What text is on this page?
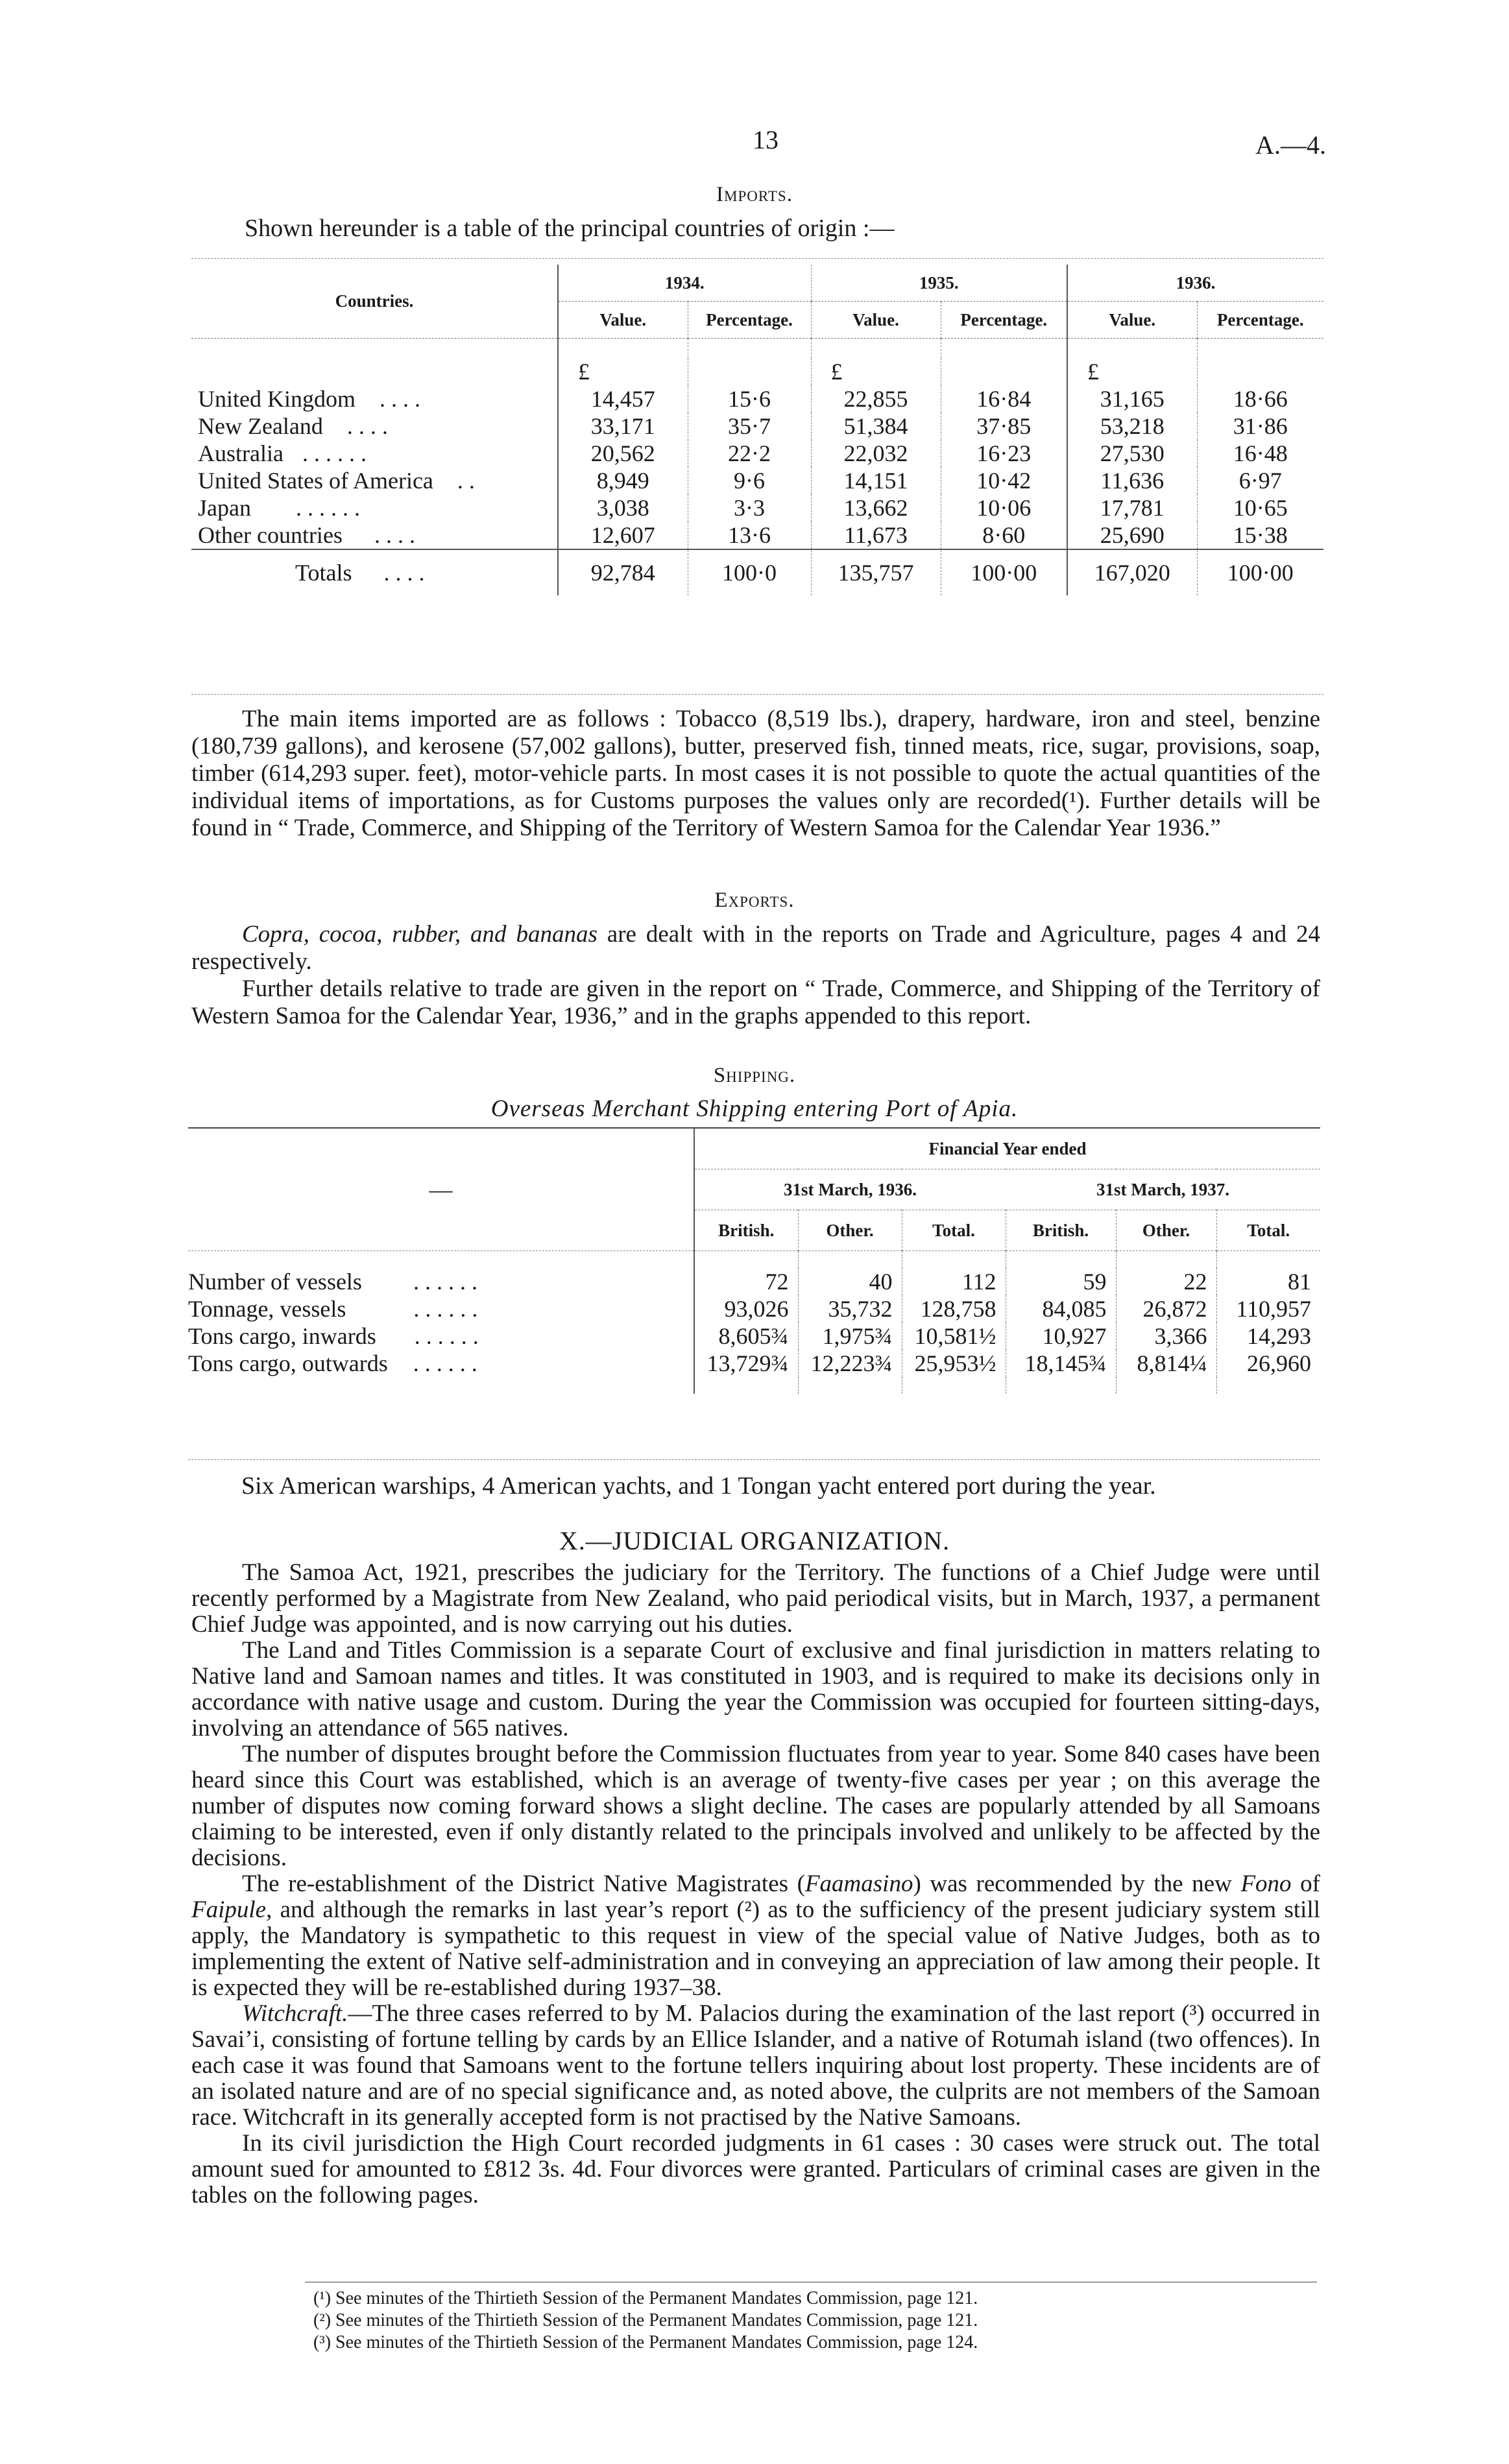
13	A.—4.
Imports.
Shown hereunder is a table of the principal countries of origin :—
Countries.	1934.		1935.		1936.	
	Value.	Percentage.	Value.	Percentage.	Value.	Percentage.

	£		£		£	
United Kingdom . . . .	14,457	15·6	22,855	16·84	31,165	18·66
New Zealand . . . .	33,171	35·7	51,384	37·85	53,218	31·86
Australia . . . . . .	20,562	22·2	22,032	16·23	27,530	16·48
United States of America . .	8,949	9·6	14,151	10·42	11,636	6·97
Japan . . . . . .	3,038	3·3	13,662	10·06	17,781	10·65
Other countries . . . .	12,607	13·6	11,673	8·60	25,690	15·38
Totals . . . .	92,784	100·0	135,757	100·00	167,020	100·00

The main items imported are as follows : Tobacco (8,519 lbs.), drapery, hardware, iron and steel, benzine (180,739 gallons), and kerosene (57,002 gallons), butter, preserved fish, tinned meats, rice, sugar, provisions, soap, timber (614,293 super. feet), motor-vehicle parts. In most cases it is not possible to quote the actual quantities of the individual items of importations, as for Customs purposes the values only are recorded(¹). Further details will be found in “ Trade, Commerce, and Shipping of the Territory of Western Samoa for the Calendar Year 1936.”

Exports.

Copra, cocoa, rubber, and bananas are dealt with in the reports on Trade and Agriculture, pages 4 and 24 respectively.

Further details relative to trade are given in the report on “ Trade, Commerce, and Shipping of the Territory of Western Samoa for the Calendar Year, 1936,” and in the graphs appended to this report.

Shipping.
Overseas Merchant Shipping entering Port of Apia.
—	Financial Year ended					
	31st March, 1936.			31st March, 1937.		
	British.	Other.	Total.	British.	Other.	Total.

Number of vessels . . . . . .	72	40	112	59	22	81
Tonnage, vessels . . . . . .	93,026	35,732	128,758	84,085	26,872	110,957
Tons cargo, inwards . . . . . .	8,605¾	1,975¾	10,581½	10,927	3,366	14,293
Tons cargo, outwards . . . . . .	13,729¾	12,223¾	25,953½	18,145¾	8,814¼	26,960

Six American warships, 4 American yachts, and 1 Tongan yacht entered port during the year.

X.—JUDICIAL ORGANIZATION.

The Samoa Act, 1921, prescribes the judiciary for the Territory. The functions of a Chief Judge were until recently performed by a Magistrate from New Zealand, who paid periodical visits, but in March, 1937, a permanent Chief Judge was appointed, and is now carrying out his duties.

The Land and Titles Commission is a separate Court of exclusive and final jurisdiction in matters relating to Native land and Samoan names and titles. It was constituted in 1903, and is required to make its decisions only in accordance with native usage and custom. During the year the Commission was occupied for fourteen sitting-days, involving an attendance of 565 natives.

The number of disputes brought before the Commission fluctuates from year to year. Some 840 cases have been heard since this Court was established, which is an average of twenty-five cases per year ; on this average the number of disputes now coming forward shows a slight decline. The cases are popularly attended by all Samoans claiming to be interested, even if only distantly related to the principals involved and unlikely to be affected by the decisions.

The re-establishment of the District Native Magistrates (Faamasino) was recommended by the new Fono of Faipule, and although the remarks in last year’s report (²) as to the sufficiency of the present judiciary system still apply, the Mandatory is sympathetic to this request in view of the special value of Native Judges, both as to implementing the extent of Native self-administration and in conveying an appreciation of law among their people. It is expected they will be re-established during 1937–38.

Witchcraft.—The three cases referred to by M. Palacios during the examination of the last report (³) occurred in Savai’i, consisting of fortune telling by cards by an Ellice Islander, and a native of Rotumah island (two offences). In each case it was found that Samoans went to the fortune tellers inquiring about lost property. These incidents are of an isolated nature and are of no special significance and, as noted above, the culprits are not members of the Samoan race. Witchcraft in its generally accepted form is not practised by the Native Samoans.

In its civil jurisdiction the High Court recorded judgments in 61 cases : 30 cases were struck out. The total amount sued for amounted to £812 3s. 4d. Four divorces were granted. Particulars of criminal cases are given in the tables on the following pages.

(¹) See minutes of the Thirtieth Session of the Permanent Mandates Commission, page 121.
(²) See minutes of the Thirtieth Session of the Permanent Mandates Commission, page 121.
(³) See minutes of the Thirtieth Session of the Permanent Mandates Commission, page 124.
